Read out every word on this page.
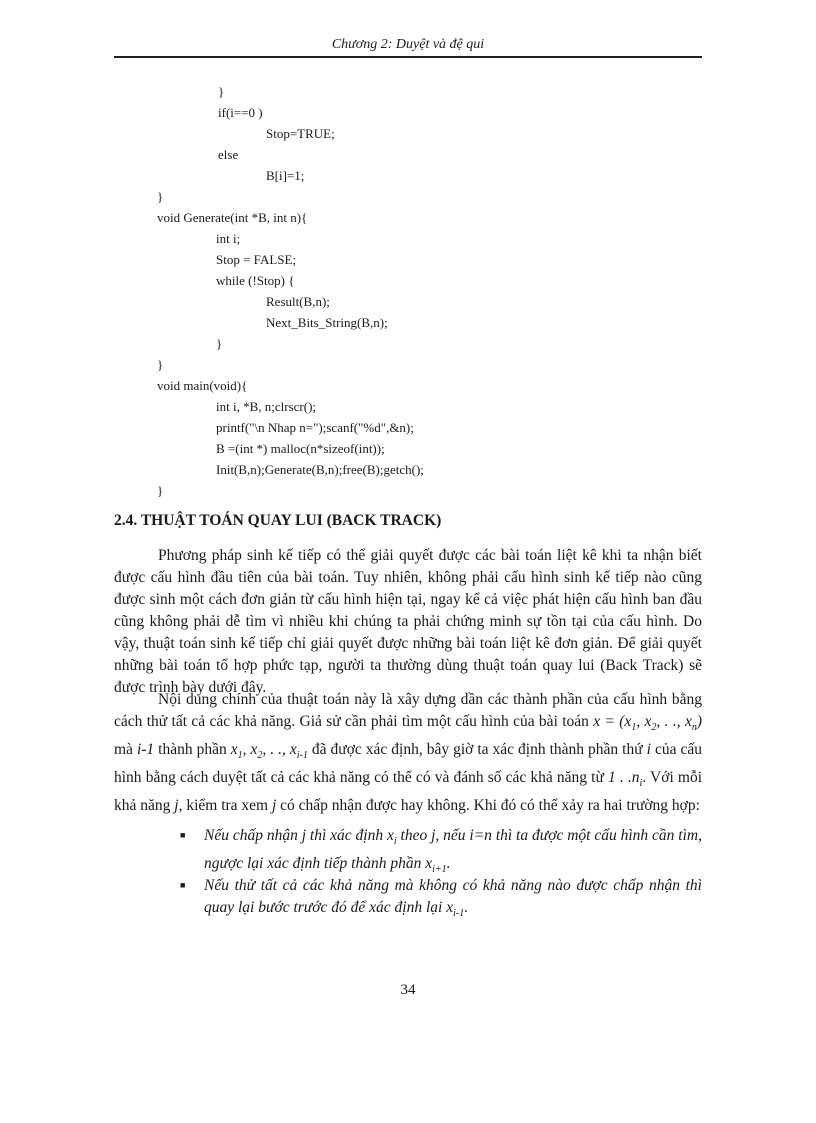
Chương 2: Duyệt và đệ qui
}
if(i==0 )
Stop=TRUE;
else
B[i]=1;
}
void Generate(int *B, int n){
int i;
Stop = FALSE;
while (!Stop) {
Result(B,n);
Next_Bits_String(B,n);
}
}
void main(void){
int i, *B, n;clrscr();
printf("\n Nhap n=");scanf("%d",&n);
B =(int *) malloc(n*sizeof(int));
Init(B,n);Generate(B,n);free(B);getch();
}
2.4. THUẬT TOÁN QUAY LUI (BACK TRACK)

Phương pháp sinh kế tiếp có thể giải quyết được các bài toán liệt kê khi ta nhận biết được cấu hình đầu tiên của bài toán. Tuy nhiên, không phải cấu hình sinh kế tiếp nào cũng được sinh một cách đơn giản từ cấu hình hiện tại, ngay kể cả việc phát hiện cấu hình ban đầu cũng không phải dễ tìm vì nhiều khi chúng ta phải chứng minh sự tồn tại của cấu hình. Do vậy, thuật toán sinh kế tiếp chỉ giải quyết được những bài toán liệt kê đơn giản. Để giải quyết những bài toán tổ hợp phức tạp, người ta thường dùng thuật toán quay lui (Back Track) sẽ được trình bày dưới đây.

Nội dung chính của thuật toán này là xây dựng dần các thành phần của cấu hình bằng cách thử tất cả các khả năng. Giả sử cần phải tìm một cấu hình của bài toán $x = (x_1$, $x_2$, . ., $x_n$) mà i-1 thành phần $x_1$, $x_2$, . ., $x_{i-1}$ đã được xác định, bây giờ ta xác định thành phần thứ i của cấu hình bằng cách duyệt tất cả các khả năng có thể có và đánh số các khả năng từ 1 . $.n_i$. Với mỗi khả năng j, kiểm tra xem j có chấp nhận được hay không. Khi đó có thể xảy ra hai trường hợp:

■ Nếu chấp nhận j thì xác định $x_i$ theo j, nếu i=n thì ta được một cấu hình cần tìm, ngược lại xác định tiếp thành phần $x_{i+1}$.
■ Nếu thử tất cả các khả năng mà không có khả năng nào được chấp nhận thì quay lại bước trước đó để xác định lại $x_{i-1}$.
34
